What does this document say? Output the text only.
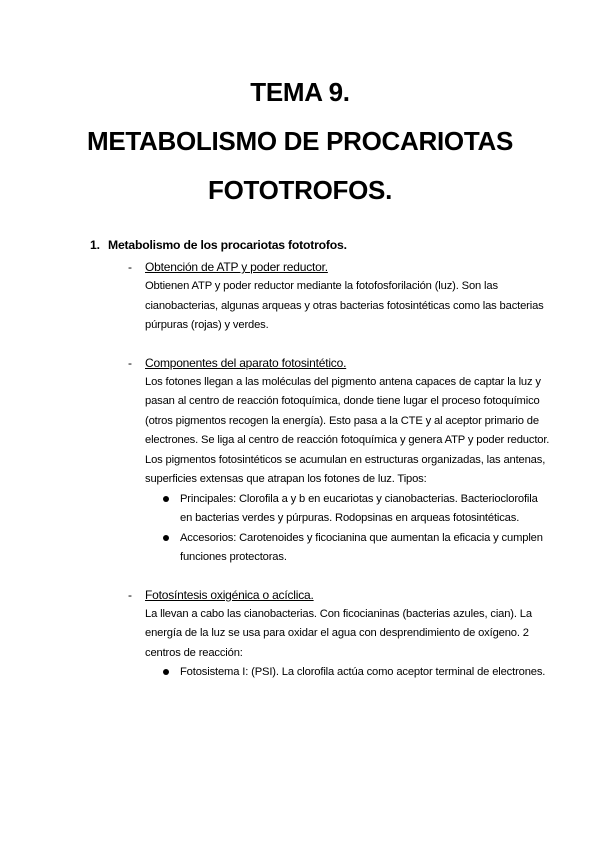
TEMA 9.

METABOLISMO DE PROCARIOTAS

FOTOTROFOS.

1. Metabolismo de los procariotas fototrofos.

- Obtención de ATP y poder reductor.
Obtienen ATP y poder reductor mediante la fotofosforilación (luz). Son las cianobacterias, algunas arqueas y otras bacterias fotosintéticas como las bacterias púrpuras (rojas) y verdes.
- Componentes del aparato fotosintético.
Los fotones llegan a las moléculas del pigmento antena capaces de captar la luz y pasan al centro de reacción fotoquímica, donde tiene lugar el proceso fotoquímico (otros pigmentos recogen la energía). Esto pasa a la CTE y al aceptor primario de electrones. Se liga al centro de reacción fotoquímica y genera ATP y poder reductor.
Los pigmentos fotosintéticos se acumulan en estructuras organizadas, las antenas, superficies extensas que atrapan los fotones de luz. Tipos:
Principales: Clorofila a y b en eucariotas y cianobacterias. Bacterioclorofila en bacterias verdes y púrpuras. Rodopsinas en arqueas fotosintéticas.
Accesorios: Carotenoides y ficocianina que aumentan la eficacia y cumplen funciones protectoras.
- Fotosíntesis oxigénica o acíclica.
La llevan a cabo las cianobacterias. Con ficocianinas (bacterias azules, cian). La energía de la luz se usa para oxidar el agua con desprendimiento de oxígeno. 2 centros de reacción:
Fotosistema I: (PSI). La clorofila actúa como aceptor terminal de electrones.
